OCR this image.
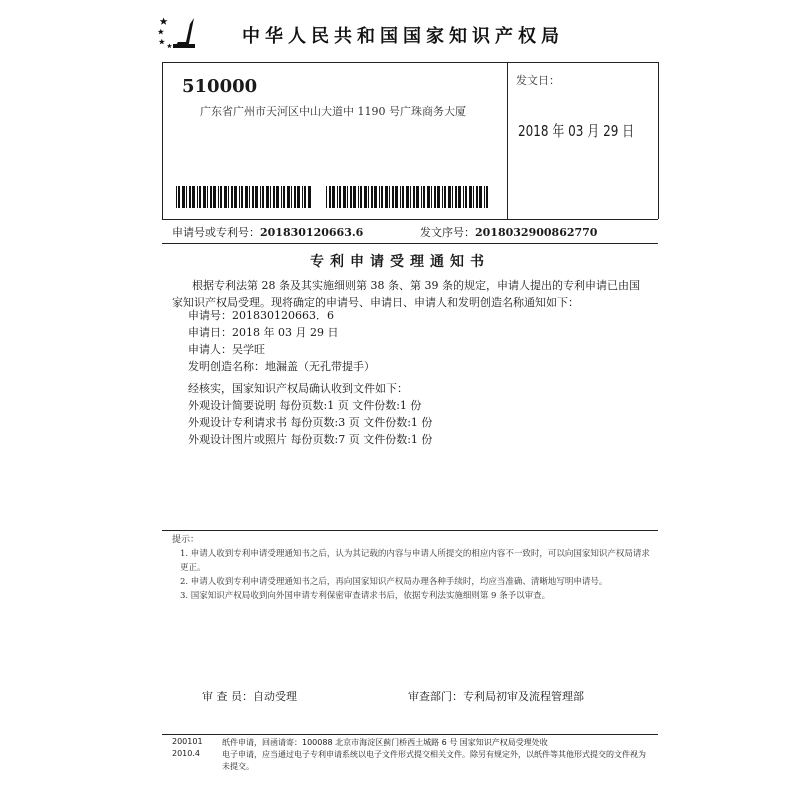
中华人民共和国国家知识产权局
510000
广东省广州市天河区中山大道中 1190 号广珠商务大厦
发文日：
2018 年 03 月 29 日
申请号或专利号：201830120663.6	发文序号：2018032900862770
专利申请受理通知书
根据专利法第 28 条及其实施细则第 38 条、第 39 条的规定，申请人提出的专利申请已由国家知识产权局受理。现将确定的申请号、申请日、申请人和发明创造名称通知如下：
申请号：201830120663．6
申请日：2018 年 03 月 29 日
申请人：吴学旺
发明创造名称：地漏盖（无孔带提手）
经核实，国家知识产权局确认收到文件如下：
外观设计简要说明 每份页数:1 页 文件份数:1 份
外观设计专利请求书 每份页数:3 页 文件份数:1 份
外观设计图片或照片 每份页数:7 页 文件份数:1 份
提示：
1. 申请人收到专利申请受理通知书之后，认为其记载的内容与申请人所提交的相应内容不一致时，可以向国家知识产权局请求更正。
2. 申请人收到专利申请受理通知书之后，再向国家知识产权局办理各种手续时，均应当准确、清晰地写明申请号。
3. 国家知识产权局收到向外国申请专利保密审查请求书后，依据专利法实施细则第 9 条予以审查。
审 查 员：自动受理	审查部门：专利局初审及流程管理部
200101
2010.4
纸件申请，回函请寄：100088 北京市海淀区蓟门桥西土城路 6 号 国家知识产权局受理处收
电子申请，应当通过电子专利申请系统以电子文件形式提交相关文件。除另有规定外，以纸件等其他形式提交的文件视为未提交。
